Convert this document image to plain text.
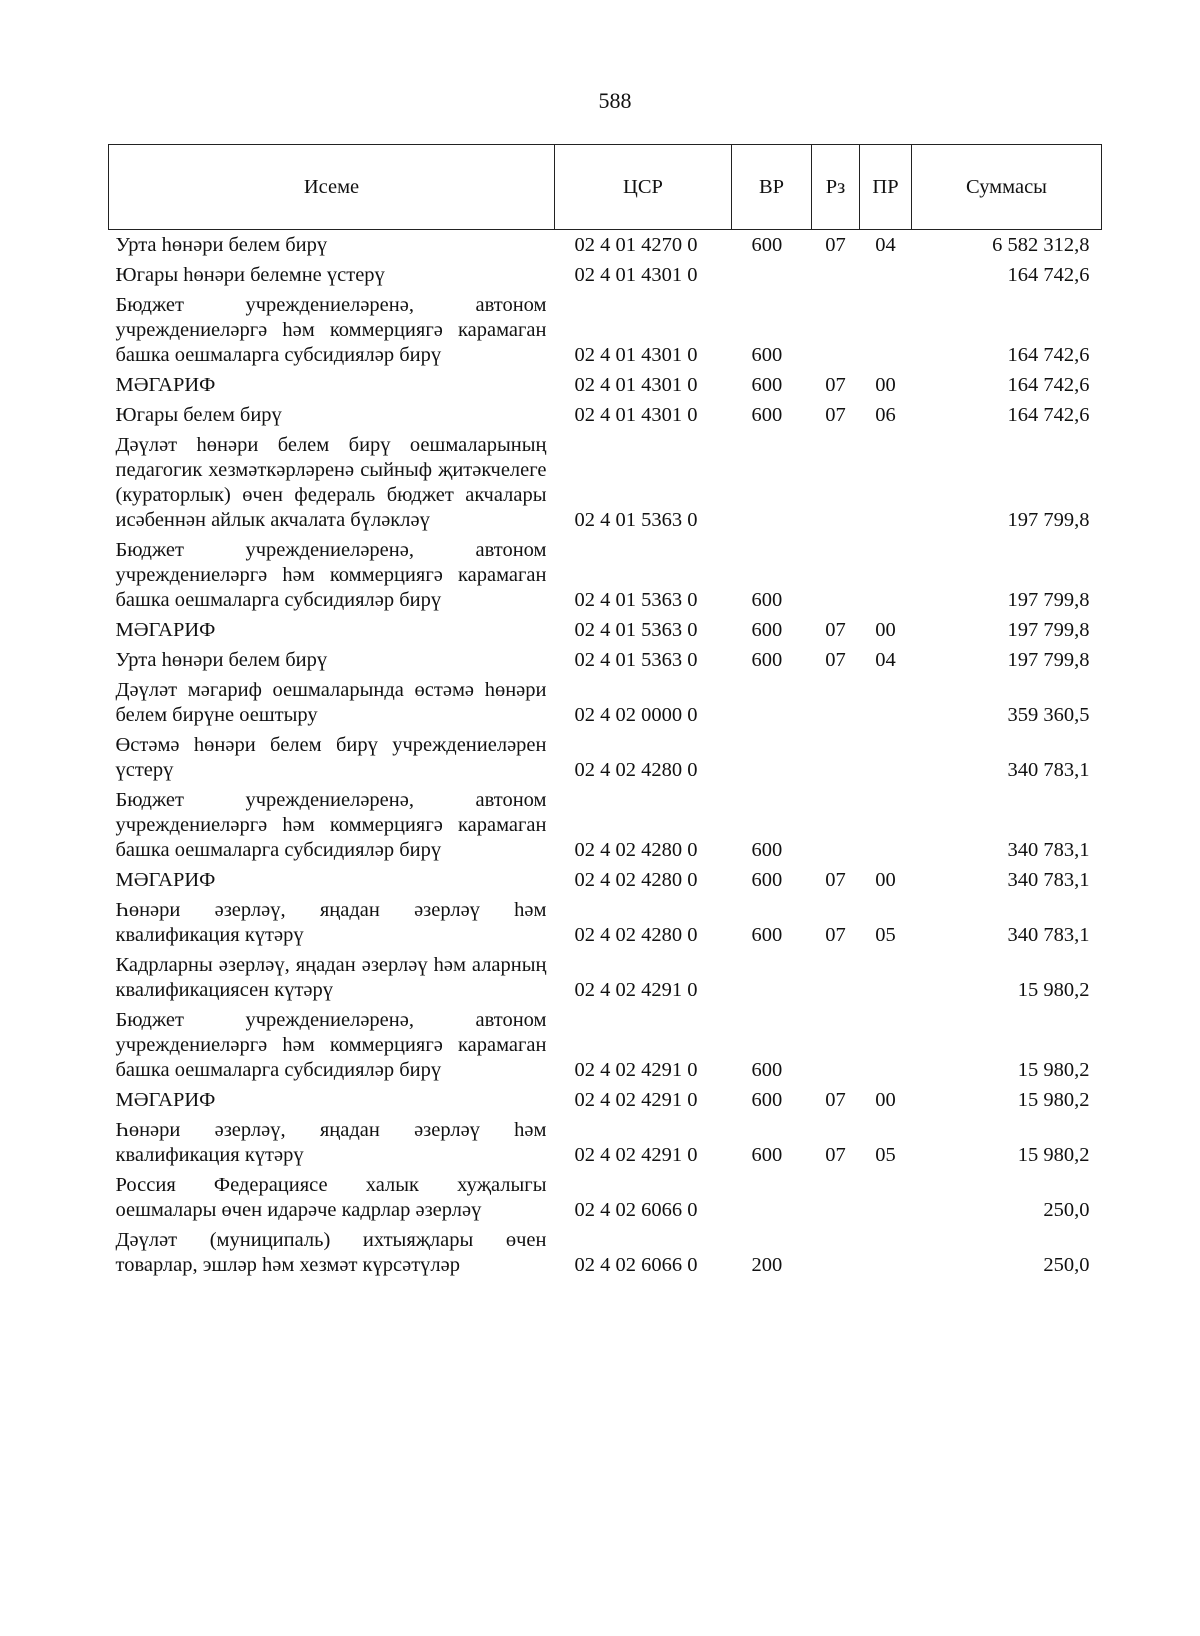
588
Исеме	ЦСР	ВР	Рз	ПР	Суммасы
Урта һөнәри белем бирү	02 4 01 4270 0	600	07	04	6 582 312,8
Югары һөнәри белемне үстерү	02 4 01 4301 0				164 742,6
Бюджет учреждениеләренә, автоном учреждениеләргә һәм коммерциягә карамаган башка оешмаларга субсидияләр бирү	02 4 01 4301 0	600			164 742,6
МӘГАРИФ	02 4 01 4301 0	600	07	00	164 742,6
Югары белем бирү	02 4 01 4301 0	600	07	06	164 742,6
Дәүләт һөнәри белем бирү оешмаларының педагогик хезмәткәрләренә сыйныф җитәкчелеге (кураторлык) өчен федераль бюджет акчалары исәбеннән айлык акчалата бүләкләү	02 4 01 5363 0				197 799,8
Бюджет учреждениеләренә, автоном учреждениеләргә һәм коммерциягә карамаган башка оешмаларга субсидияләр бирү	02 4 01 5363 0	600			197 799,8
МӘГАРИФ	02 4 01 5363 0	600	07	00	197 799,8
Урта һөнәри белем бирү	02 4 01 5363 0	600	07	04	197 799,8
Дәүләт мәгариф оешмаларында өстәмә һөнәри белем бирүне оештыру	02 4 02 0000 0				359 360,5
Өстәмә һөнәри белем бирү учреждениеләрен үстерү	02 4 02 4280 0				340 783,1
Бюджет учреждениеләренә, автоном учреждениеләргә һәм коммерциягә карамаган башка оешмаларга субсидияләр бирү	02 4 02 4280 0	600			340 783,1
МӘГАРИФ	02 4 02 4280 0	600	07	00	340 783,1
Һөнәри әзерләү, яңадан әзерләү һәм квалификация күтәрү	02 4 02 4280 0	600	07	05	340 783,1
Кадрларны әзерләү, яңадан әзерләү һәм аларның квалификациясен күтәрү	02 4 02 4291 0				15 980,2
Бюджет учреждениеләренә, автоном учреждениеләргә һәм коммерциягә карамаган башка оешмаларга субсидияләр бирү	02 4 02 4291 0	600			15 980,2
МӘГАРИФ	02 4 02 4291 0	600	07	00	15 980,2
Һөнәри әзерләү, яңадан әзерләү һәм квалификация күтәрү	02 4 02 4291 0	600	07	05	15 980,2
Россия Федерациясе халык хуҗалыгы оешмалары өчен идарәче кадрлар әзерләү	02 4 02 6066 0				250,0
Дәүләт (муниципаль) ихтыяҗлары өчен товарлар, эшләр һәм хезмәт күрсәтүләр	02 4 02 6066 0	200			250,0
